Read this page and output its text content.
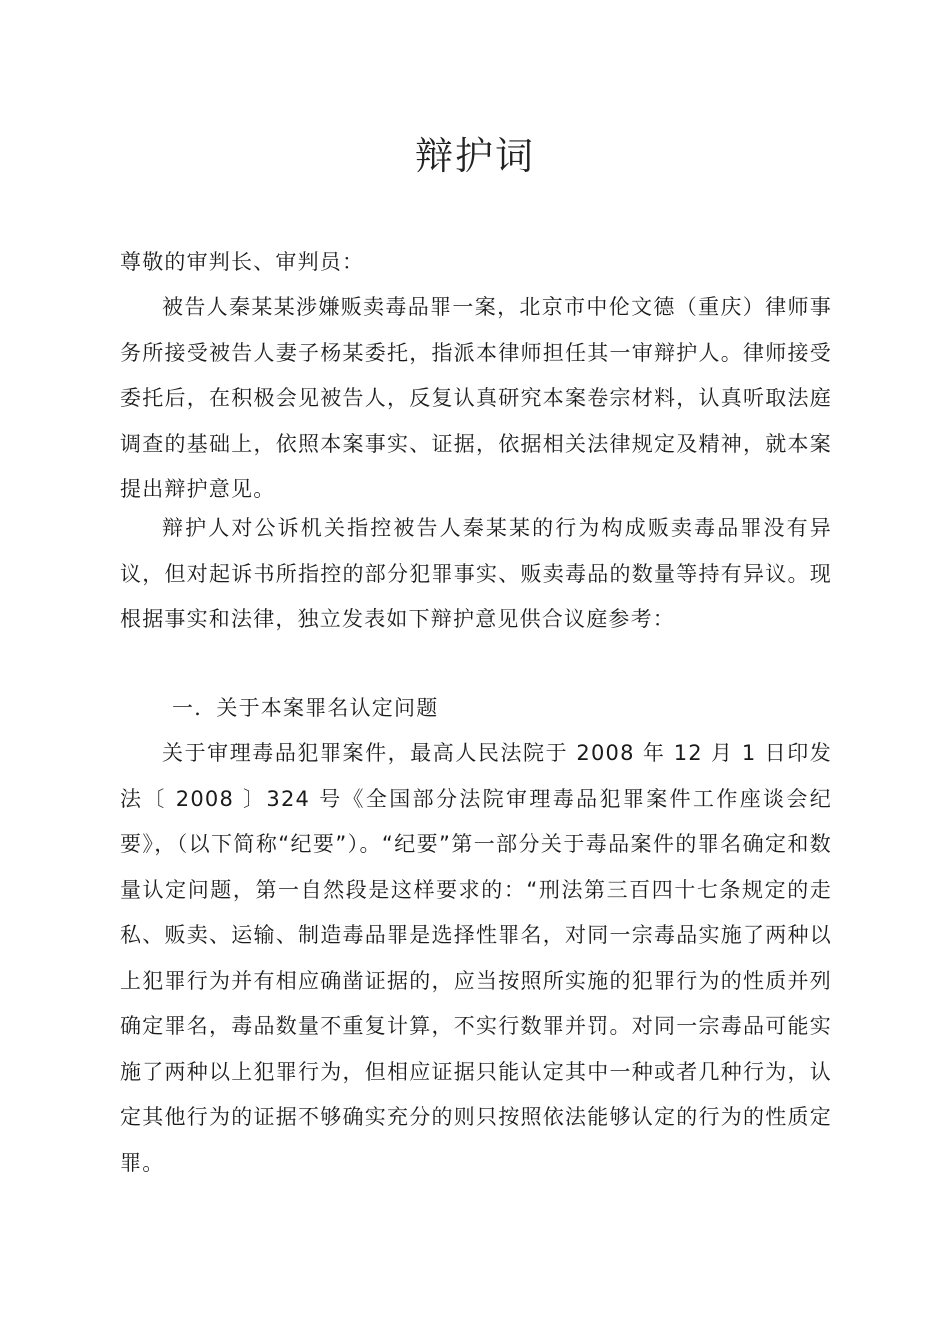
辩护词

尊敬的审判长、审判员：

被告人秦某某涉嫌贩卖毒品罪一案，北京市中伦文德（重庆）律师事务所接受被告人妻子杨某委托，指派本律师担任其一审辩护人。律师接受委托后，在积极会见被告人，反复认真研究本案卷宗材料，认真听取法庭调查的基础上，依照本案事实、证据，依据相关法律规定及精神，就本案提出辩护意见。

辩护人对公诉机关指控被告人秦某某的行为构成贩卖毒品罪没有异议，但对起诉书所指控的部分犯罪事实、贩卖毒品的数量等持有异议。现根据事实和法律，独立发表如下辩护意见供合议庭参考：

一．关于本案罪名认定问题

关于审理毒品犯罪案件，最高人民法院于 2008 年 12 月 1 日印发法〔 2008 〕324 号《全国部分法院审理毒品犯罪案件工作座谈会纪要》，（以下简称“纪要”）。“纪要”第一部分关于毒品案件的罪名确定和数量认定问题，第一自然段是这样要求的：“刑法第三百四十七条规定的走私、贩卖、运输、制造毒品罪是选择性罪名，对同一宗毒品实施了两种以上犯罪行为并有相应确凿证据的，应当按照所实施的犯罪行为的性质并列确定罪名，毒品数量不重复计算，不实行数罪并罚。对同一宗毒品可能实施了两种以上犯罪行为，但相应证据只能认定其中一种或者几种行为，认定其他行为的证据不够确实充分的则只按照依法能够认定的行为的性质定罪。
